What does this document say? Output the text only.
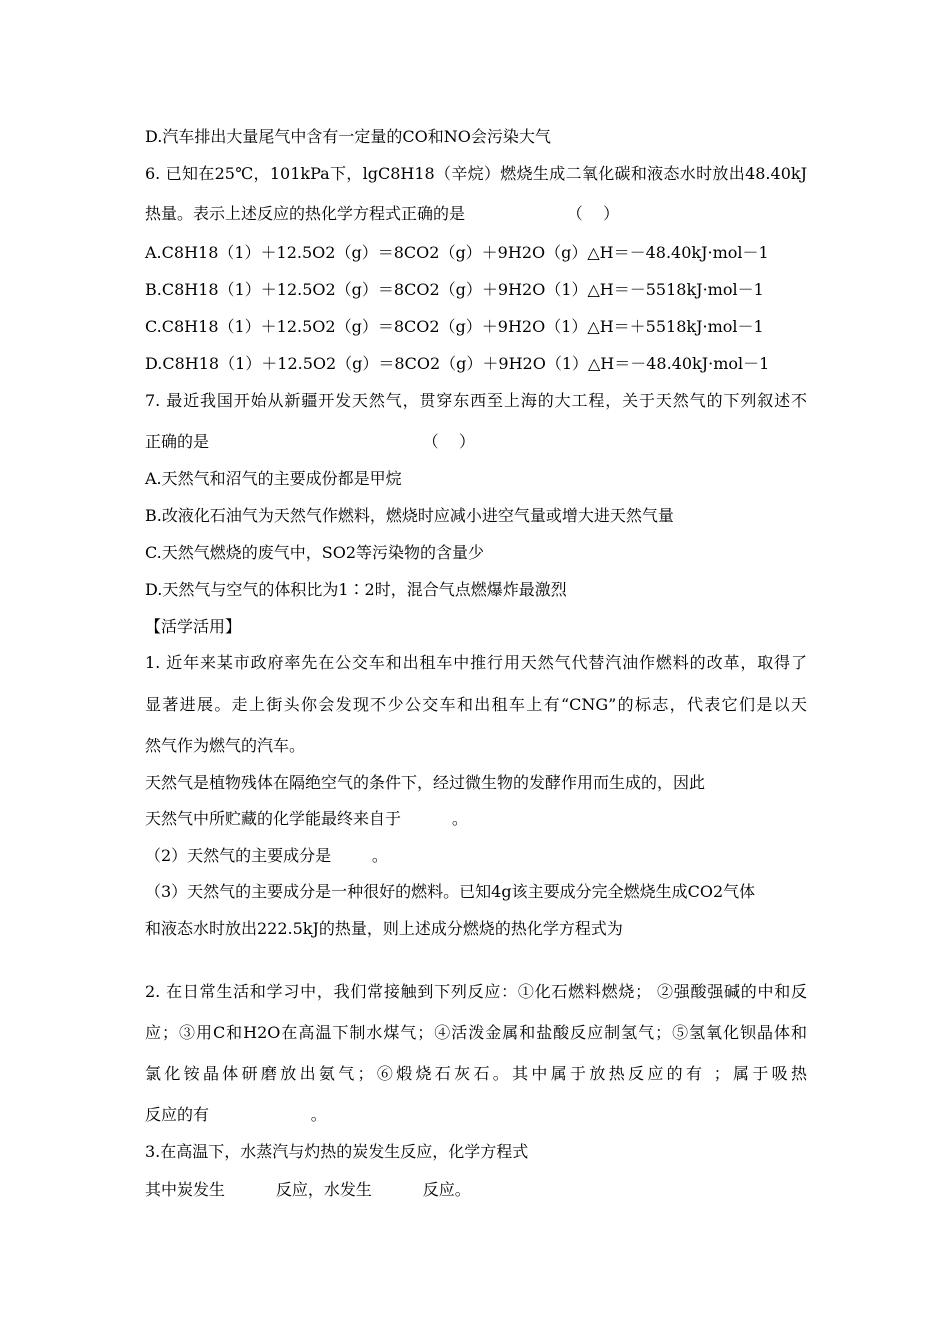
D.汽车排出大量尾气中含有一定量的CO和NO会污染大气
6. 已知在25℃，101kPa下，lgC8H18（辛烷）燃烧生成二氧化碳和液态水时放出48.40kJ
热量。表示上述反应的热化学方程式正确的是                    （    ）
A.C8H18（1）＋12.5O2（g）＝8CO2（g）＋9H2O（g）△H＝－48.40kJ·mol－1
B.C8H18（1）＋12.5O2（g）＝8CO2（g）＋9H2O（1）△H＝－5518kJ·mol－1
C.C8H18（1）＋12.5O2（g）＝8CO2（g）＋9H2O（1）△H＝＋5518kJ·mol－1
D.C8H18（1）＋12.5O2（g）＝8CO2（g）＋9H2O（1）△H＝－48.40kJ·mol－1
7. 最近我国开始从新疆开发天然气，贯穿东西至上海的大工程，关于天然气的下列叙述不
正确的是                                          （    ）
A.天然气和沼气的主要成份都是甲烷
B.改液化石油气为天然气作燃料，燃烧时应减小进空气量或增大进天然气量
C.天然气燃烧的废气中，SO2等污染物的含量少
D.天然气与空气的体积比为1∶2时，混合气点燃爆炸最激烈
【活学活用】
1. 近年来某市政府率先在公交车和出租车中推行用天然气代替汽油作燃料的改革，取得了
显著进展。走上街头你会发现不少公交车和出租车上有“CNG”的标志，代表它们是以天
然气作为燃气的汽车。
天然气是植物残体在隔绝空气的条件下，经过微生物的发酵作用而生成的，因此
天然气中所贮藏的化学能最终来自于          。
（2）天然气的主要成分是        。
（3）天然气的主要成分是一种很好的燃料。已知4g该主要成分完全燃烧生成CO2气体
和液态水时放出222.5kJ的热量，则上述成分燃烧的热化学方程式为
2. 在日常生活和学习中，我们常接触到下列反应：①化石燃料燃烧； ②强酸强碱的中和反
应；③用C和H2O在高温下制水煤气；④活泼金属和盐酸反应制氢气；⑤氢氧化钡晶体和
氯化铵晶体研磨放出氨气；⑥煅烧石灰石。其中属于放热反应的有 ；属于吸热
反应的有                    。
3.在高温下，水蒸汽与灼热的炭发生反应，化学方程式
其中炭发生          反应，水发生          反应。
